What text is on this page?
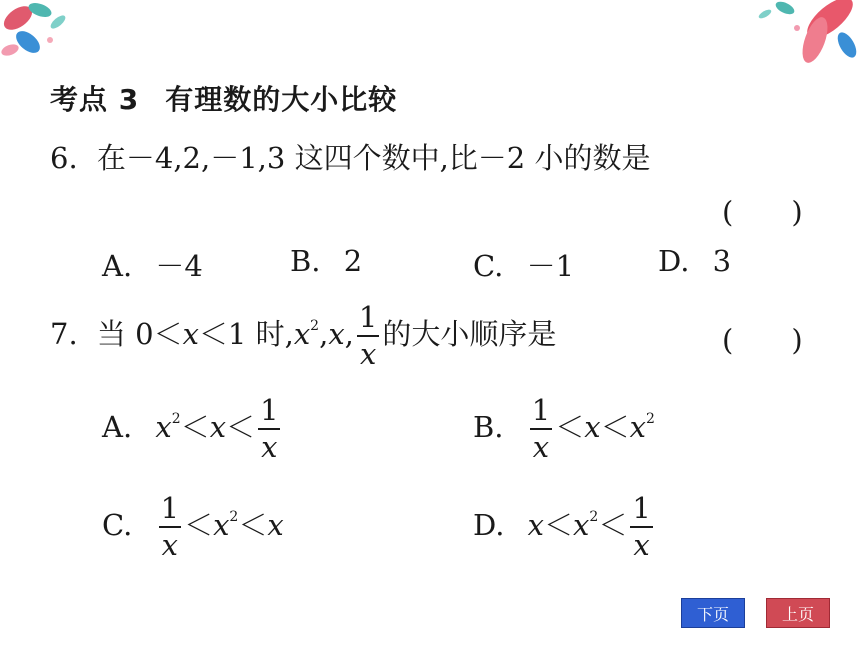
考点 3 有理数的大小比较
6. 在－4,2,－1,3 这四个数中,比－2 小的数是
(　　)
A. －4	B. 2	C. －1	D. 3
7. 当 0＜x＜1 时$,x^2,x$, $\frac{1}{x}$ 的大小顺序是	(　　)
A. $x^2<x< \frac{1}{x}$	B. $\frac{1}{x} <x<x^2$
C. $\frac{1}{x} <x^2<x$	D. $x<x^2< \frac{1}{x}$
下页	上页
